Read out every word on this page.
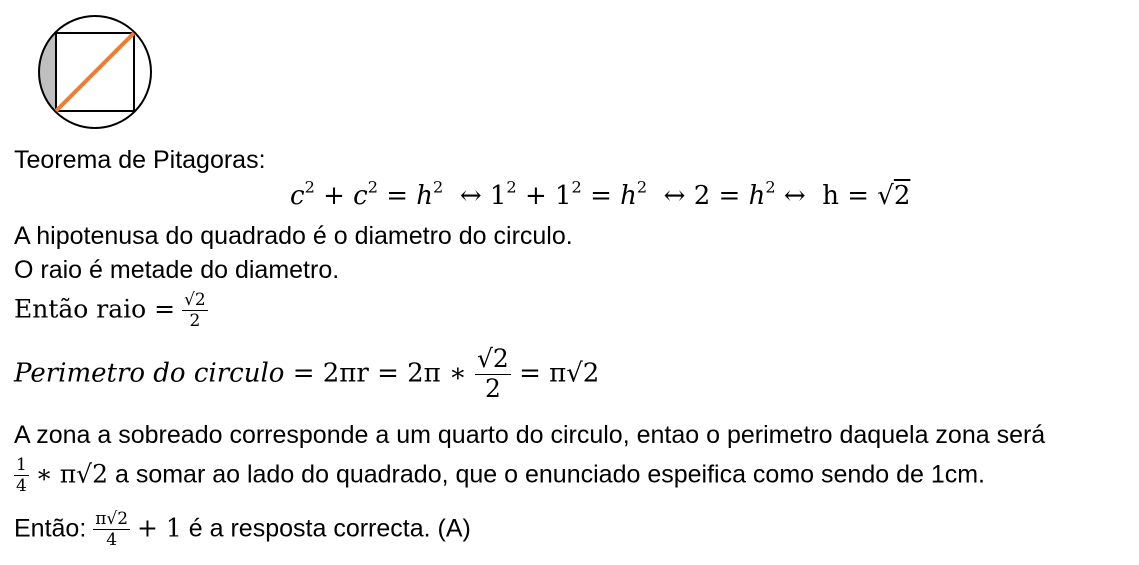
Teorema de Pitagoras:
$c^2 + c^2 = h^2$ ↔ $1^2 + 1^2 = h^2$ ↔ $2 = h^2$ ↔ h = √2
A hipotenusa do quadrado é o diametro do circulo.
O raio é metade do diametro.
Então raio = $\frac{√2}{2}$
Perimetro do circulo = 2πr = 2π ∗ $\frac{√2}{2} = \pi√2$
A zona a sobreado corresponde a um quarto do circulo, entao o perimetro daquela zona será
$\frac{1}{4}$ ∗ π√2 a somar ao lado do quadrado, que o enunciado espeifica como sendo de 1cm.
Então: $\frac{\pi√2}{4} + 1$ é a resposta correcta. (A)
